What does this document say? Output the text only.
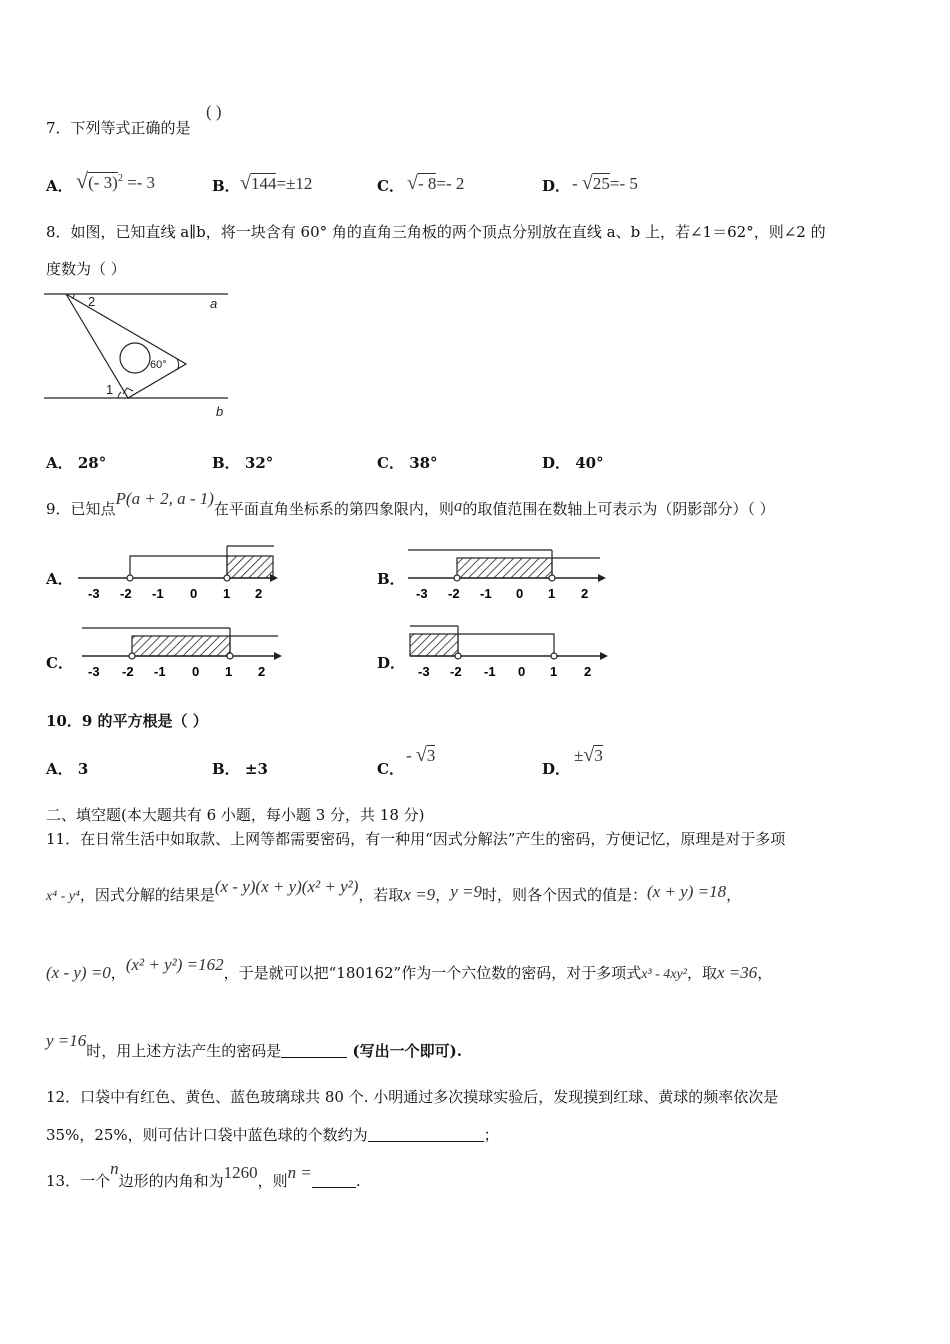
7．下列等式正确的是
( )
A． √(- 3)$^2$ =- 3	B． √144=±12	C． √- 8=- 2	D． - √25=- 5
8．如图，已知直线 a∥b，将一块含有 60° 角的直角三角板的两个顶点分别放在直线 a、b 上，若∠1＝62°，则∠2 的
度数为（ ）
2
60°
1
a
b
A． 28°	B． 32°	C． 38°	D． 40°
9．已知点P(a + 2, a - 1)在平面直角坐标系的第四象限内，则a的取值范围在数轴上可表示为（阴影部分）（ ）
A．
-3 -2 -1 0 1 2
B．
-3 -2 -1 0 1 2
C． -3 -2 -1 0 1 2	D． -3 -2 -1 0 1 2
10．9 的平方根是（ ）
A． 3	B． ±3	C．
- √3
D．
±√3
二、填空题(本大题共有 6 小题，每小题 3 分，共 18 分)
11．在日常生活中如取款、上网等都需要密码，有一种用“因式分解法”产生的密码，方便记忆，原理是对于多项
x⁴ - y⁴，因式分解的结果是(x - y)(x + y)(x² + y²)，若取x =9，y =9时，则各个因式的值是：(x + y) =18，
(x - y) =0，(x² + y²) =162，于是就可以把“180162”作为一个六位数的密码，对于多项式x³ - 4xy²，取x =36，
y =16时，用上述方法产生的密码是	(写出一个即可).
12．口袋中有红色、黄色、蓝色玻璃球共 80 个. 小明通过多次摸球实验后，发现摸到红球、黄球的频率依次是
35%，25%，则可估计口袋中蓝色球的个数约为	；
13．一个n边形的内角和为1260，则n =	.
